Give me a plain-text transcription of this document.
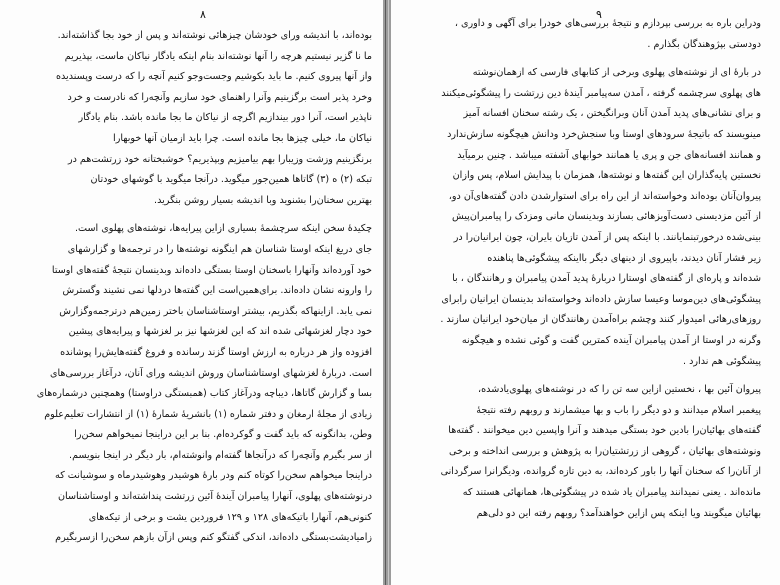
۸
بوده‌اند، با اندیشه ورای خودشان چیزهائی نوشته‌اند و پس از خود بجا گذاشته‌اند.
ما نا گزیر نیستیم هرچه را آنها نوشته‌اند بنام اینکه یادگار نیاکان ماست، بپذیریم
واز آنها پیروی کنیم. ما باید بکوشیم وجست‌وجو کنیم آنچه را که درست وپسندیده
وخرد پذیر است برگزینیم وآنرا راهنمای خود سازیم وآنچه‌را که نادرست و خرد
ناپذیر است، آنرا دور بیندازیم اگرچه از نیاکان ما بجا مانده باشد. بنام یادگار
نیاکان ما، خیلی چیزها بجا مانده است. چرا باید ازمیان آنها خوبها‌را
برنگزینیم وزشت وزیبا‌را بهم بیامیزیم وبپذیریم؟ خوشبختانه خود زرتشت‌هم در
تبکه (۲) ه (۳) گاتاها همین‌جور میگوید. درآنجا میگوید با گوشهای خودتان
بهترین سخنان‌را بشنوید وبا اندیشه بسیار روشن بنگرید.
چکیدهٔ سخن اینکه سرچشمهٔ بسیاری ازاین پیرایه‌ها، نوشته‌های پهلوی است.
جای دریغ اینکه اوستا شناسان هم اینگونه نوشته‌ها را در ترجمه‌ها و گزارشهای
خود آورده‌اند وآنهارا باسخنان اوستا بستگی داده‌اند وبدینسان نتیجهٔ گفته‌های اوستا
را وارونه نشان داده‌اند. برای‌همین‌است این گفته‌ها دردلها نمی نشیند وگسترش
نمی یابد. ازاینها‌که بگذریم، بیشتر اوستاشناسان باختر زمین‌هم درترجمه‌وگزارش
خود دچار لغزشهائی شده اند که این لغزشها نیز بر لغزشها و پیرایه‌های پیشین
افزوده واز هر درباره به ارزش اوستا گزند رسانده و فروغ گفته‌هایش‌را پوشانده
است. دربارهٔ لغزشهای اوستاشناسان وروش اندیشه ورای آنان، درآغاز بررسی‌های
بسا و گزارش گاتاها، دیباچه ودرآغاز کتاب (همبستگی دراوستا) وهمچنین درشماره‌های
زیادی از مجلهٔ ارمغان و دفتر شماره (۱) بانشریهٔ شمارهٔ (۱) از انتشارات تعلیم‌علوم
وطن، بدانگونه که باید گفت و گوکرده‌ام. بنا بر این دراینجا نمیخواهم سخن‌را
از سر بگیرم وآنچه‌را که درآنجاها گفته‌ام وانوشته‌ام، بار دیگر در اینجا بنویسم.
دراینجا میخواهم سخن‌را کوتاه کنم ودر بارهٔ هوشیدر وهوشیدرماه و سوشیانت که
درنوشته‌های پهلوی، آنهارا پیامبران آیندهٔ آئین زرتشت پنداشته‌اند و اوستاشناسان
کنونی‌هم، آنهارا باتیکه‌های ۱۲۸ و ۱۲۹ فروردین یشت و برخی از تیکه‌های
زامیادیشت‌بستگی داده‌اند، اندکی گفتگو کنم وپس ازآن بازهم سخن‌را ازسربگیرم
۹
ودراین باره به بررسی بپردازم و نتیجهٔ بررسی‌های خودرا برای آگهی و داوری ،
دودستی بپژوهندگان بگذارم .
در بارهٔ ای از نوشته‌های پهلوی وبرخی از کتابهای فارسی که ازهمان‌نوشته‌
های پهلوی سرچشمه گرفته ، آمدن سه‌پیامبر آیندهٔ دین زرتشت را پیشگوئی‌میکنند
و برای نشانی‌های پدید آمدن آنان وبرانگیختن ، یک رشته سخنان افسانه آمیز
مینویسند که باتیجهٔ سرودهای اوستا وبا سنجش‌خرد ودانش هیچگونه سازش‌ندارد
و همانند افسانه‌های جن و پری یا همانند خوابهای آشفته میباشد . چنین برمیآید
نخستین پایه‌گذاران این گفته‌ها و نوشته‌ها، همزمان با پیدایش اسلام، پس وازان
پیروان‌آنان بوده‌اند وخواسته‌اند از این راه برای استوارشدن دادن گفته‌های‌آن دو،
از آئین مزدیسنی دست‌آویزهائی بسازند وبدینسان مانی ومزدک را پیامبران‌پیش‌
بینی‌شده درخورتبنمایانند. با اینکه پس از آمدن تازیان بایران، چون ایرانیان‌را در
زیر فشار آنان دیدند، باپیروی از دینهای دیگر بااینکه پیشگوئی‌ها پناهنده
شده‌اند و پاره‌ای از گفته‌های اوستارا دربارهٔ پدید آمدن پیامبران و رهانندگان ، با
پیشگوئی‌های دین‌موسا وعیسا سازش داده‌اند وخواسته‌اند بدینسان ایرانیان را‌برای
روزهای‌رهائی امیدوار کنند وچشم براه‌آمدن رهانندگان از میان‌خود ایرانیان سازند .
وگرنه در اوستا از آمدن پیامبران آینده کمترین گفت و گوئی نشده و هیچگونه
پیشگوئی هم ندارد .
پیروان آئین بها ، نخستین ازاین سه تن را که در نوشته‌های پهلوی‌یادشده،
پیغمبر اسلام میدانند و دو دیگر را باب و بها میشمارند و روبهم رفته نتیجهٔ
گفته‌های بهائیان‌را بادین خود بستگی میدهند و آنرا واپسین دین میخوانند . گفته‌ها
ونوشته‌های بهائیان ، گروهی از زرتشتیان‌را به پژوهش و بررسی انداخته و برخی
از آنان‌را که سخنان آنها را باور کرده‌اند، به دین تازه گروانده، ودیگرانرا سرگردانی
مانده‌اند . یعنی نمیدانند پیامبران یاد شده در پیشگوئی‌ها، همانهائی هستند که
بهائیان میگویند ویا اینکه پس ازاین خواهند‌آمد؟ روبهم رفته این دو دلی‌هم
